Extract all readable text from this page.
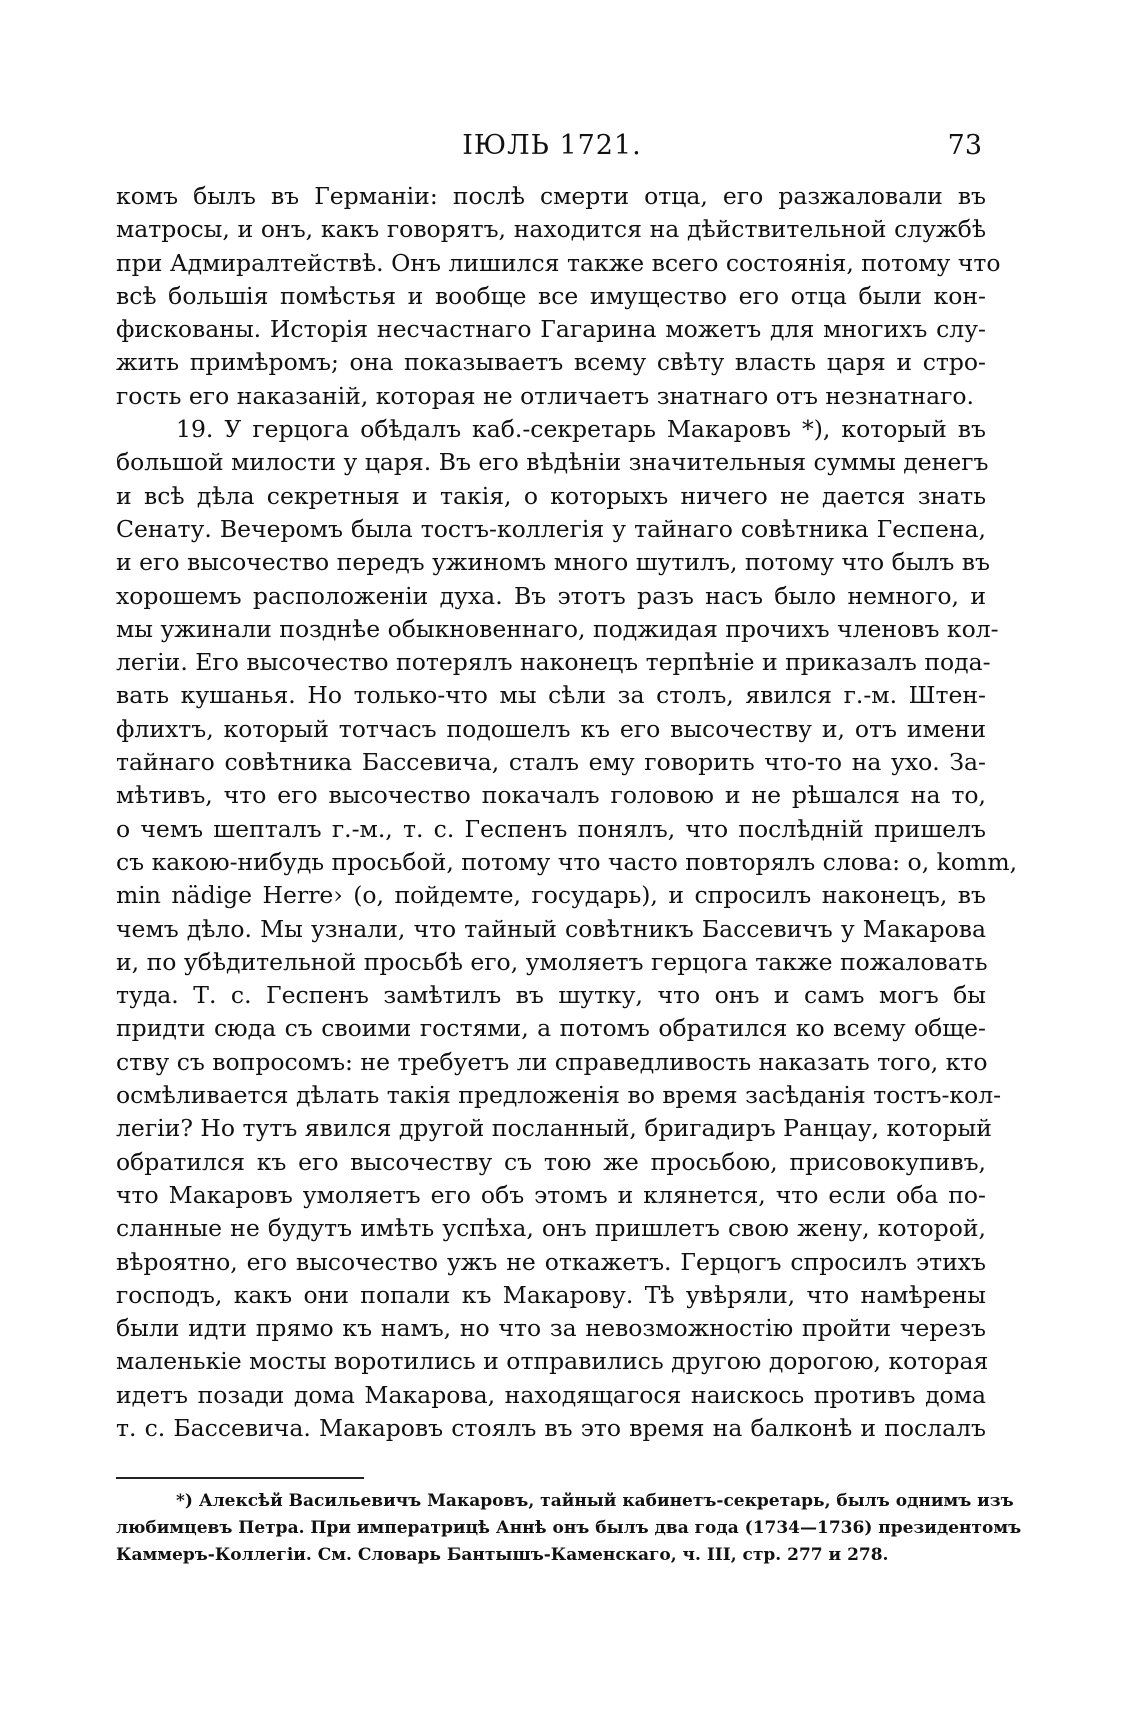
ІЮЛЬ 1721.	73
комъ былъ въ Германіи: послѣ смерти отца, его разжаловали въ
матросы, и онъ, какъ говорятъ, находится на дѣйствительной службѣ
при Адмиралтействѣ. Онъ лишился также всего состоянія, потому что
всѣ большія помѣстья и вообще все имущество его отца были кон-
фискованы. Исторія несчастнаго Гагарина можетъ для многихъ слу-
жить примѣромъ; она показываетъ всему свѣту власть царя и стро-
гость его наказаній, которая не отличаетъ знатнаго отъ незнатнаго.
19. У герцога обѣдалъ каб.-секретарь Макаровъ *), который въ
большой милости у царя. Въ его вѣдѣніи значительныя суммы денегъ
и всѣ дѣла секретныя и такія, о которыхъ ничего не дается знать
Сенату. Вечеромъ была тостъ-коллегія у тайнаго совѣтника Геспена,
и его высочество передъ ужиномъ много шутилъ, потому что былъ въ
хорошемъ расположеніи духа. Въ этотъ разъ насъ было немного, и
мы ужинали позднѣе обыкновеннаго, поджидая прочихъ членовъ кол-
легіи. Его высочество потерялъ наконецъ терпѣніе и приказалъ пода-
вать кушанья. Но только-что мы сѣли за столъ, явился г.-м. Штен-
флихтъ, который тотчасъ подошелъ къ его высочеству и, отъ имени
тайнаго совѣтника Бассевича, сталъ ему говорить что-то на ухо. За-
мѣтивъ, что его высочество покачалъ головою и не рѣшался на то,
о чемъ шепталъ г.-м., т. с. Геспенъ понялъ, что послѣдній пришелъ
съ какою-нибудь просьбой, потому что часто повторялъ слова: о, komm,
min nädige Herre› (о, пойдемте, государь), и спросилъ наконецъ, въ
чемъ дѣло. Мы узнали, что тайный совѣтникъ Бассевичъ у Макарова
и, по убѣдительной просьбѣ его, умоляетъ герцога также пожаловать
туда. Т. с. Геспенъ замѣтилъ въ шутку, что онъ и самъ могъ бы
придти сюда съ своими гостями, а потомъ обратился ко всему обще-
ству съ вопросомъ: не требуетъ ли справедливость наказать того, кто
осмѣливается дѣлать такія предложенія во время засѣданія тостъ-кол-
легіи? Но тутъ явился другой посланный, бригадиръ Ранцау, который
обратился къ его высочеству съ тою же просьбою, присовокупивъ,
что Макаровъ умоляетъ его объ этомъ и клянется, что если оба по-
сланные не будутъ имѣть успѣха, онъ пришлетъ свою жену, которой,
вѣроятно, его высочество ужъ не откажетъ. Герцогъ спросилъ этихъ
господъ, какъ они попали къ Макарову. Тѣ увѣряли, что намѣрены
были идти прямо къ намъ, но что за невозможностію пройти черезъ
маленькіе мосты воротились и отправились другою дорогою, которая
идетъ позади дома Макарова, находящагося наискось противъ дома
т. с. Бассевича. Макаровъ стоялъ въ это время на балконѣ и послалъ
*) Алексѣй Васильевичъ Макаровъ, тайный кабинетъ-секретарь, былъ однимъ изъ
любимцевъ Петра. При императрицѣ Аннѣ онъ былъ два года (1734—1736) президентомъ
Каммеръ-Коллегіи. См. Словарь Бантышъ-Каменскаго, ч. III, стр. 277 и 278.
